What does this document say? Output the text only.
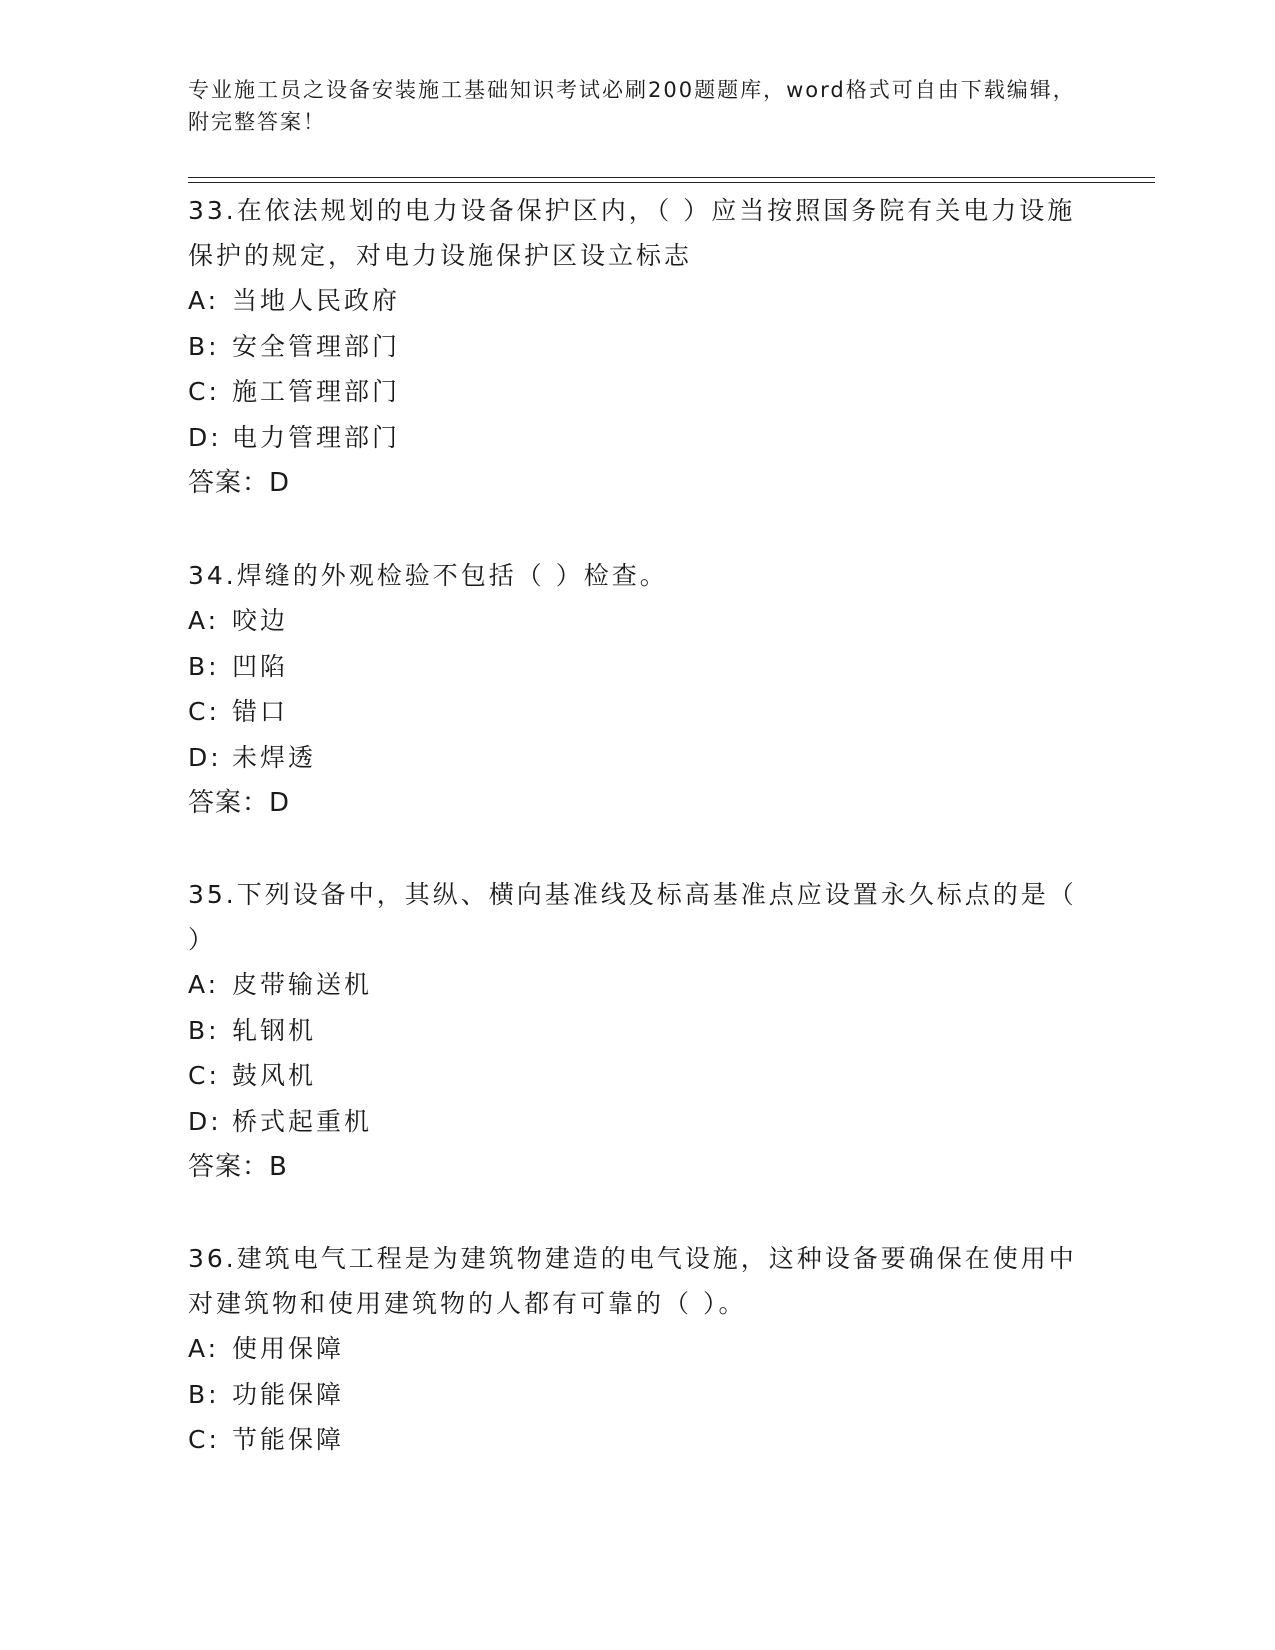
专业施工员之设备安装施工基础知识考试必刷200题题库，word格式可自由下载编辑，附完整答案！
33.在依法规划的电力设备保护区内，（ ）应当按照国务院有关电力设施保护的规定，对电力设施保护区设立标志
A: 当地人民政府
B: 安全管理部门
C: 施工管理部门
D: 电力管理部门
答案：D
34.焊缝的外观检验不包括（ ）检查。
A: 咬边
B: 凹陷
C: 错口
D: 未焊透
答案：D
35.下列设备中，其纵、横向基准线及标高基准点应设置永久标点的是（ ）
A: 皮带输送机
B: 轧钢机
C: 鼓风机
D: 桥式起重机
答案：B
36.建筑电气工程是为建筑物建造的电气设施，这种设备要确保在使用中对建筑物和使用建筑物的人都有可靠的（ ）。
A: 使用保障
B: 功能保障
C: 节能保障
